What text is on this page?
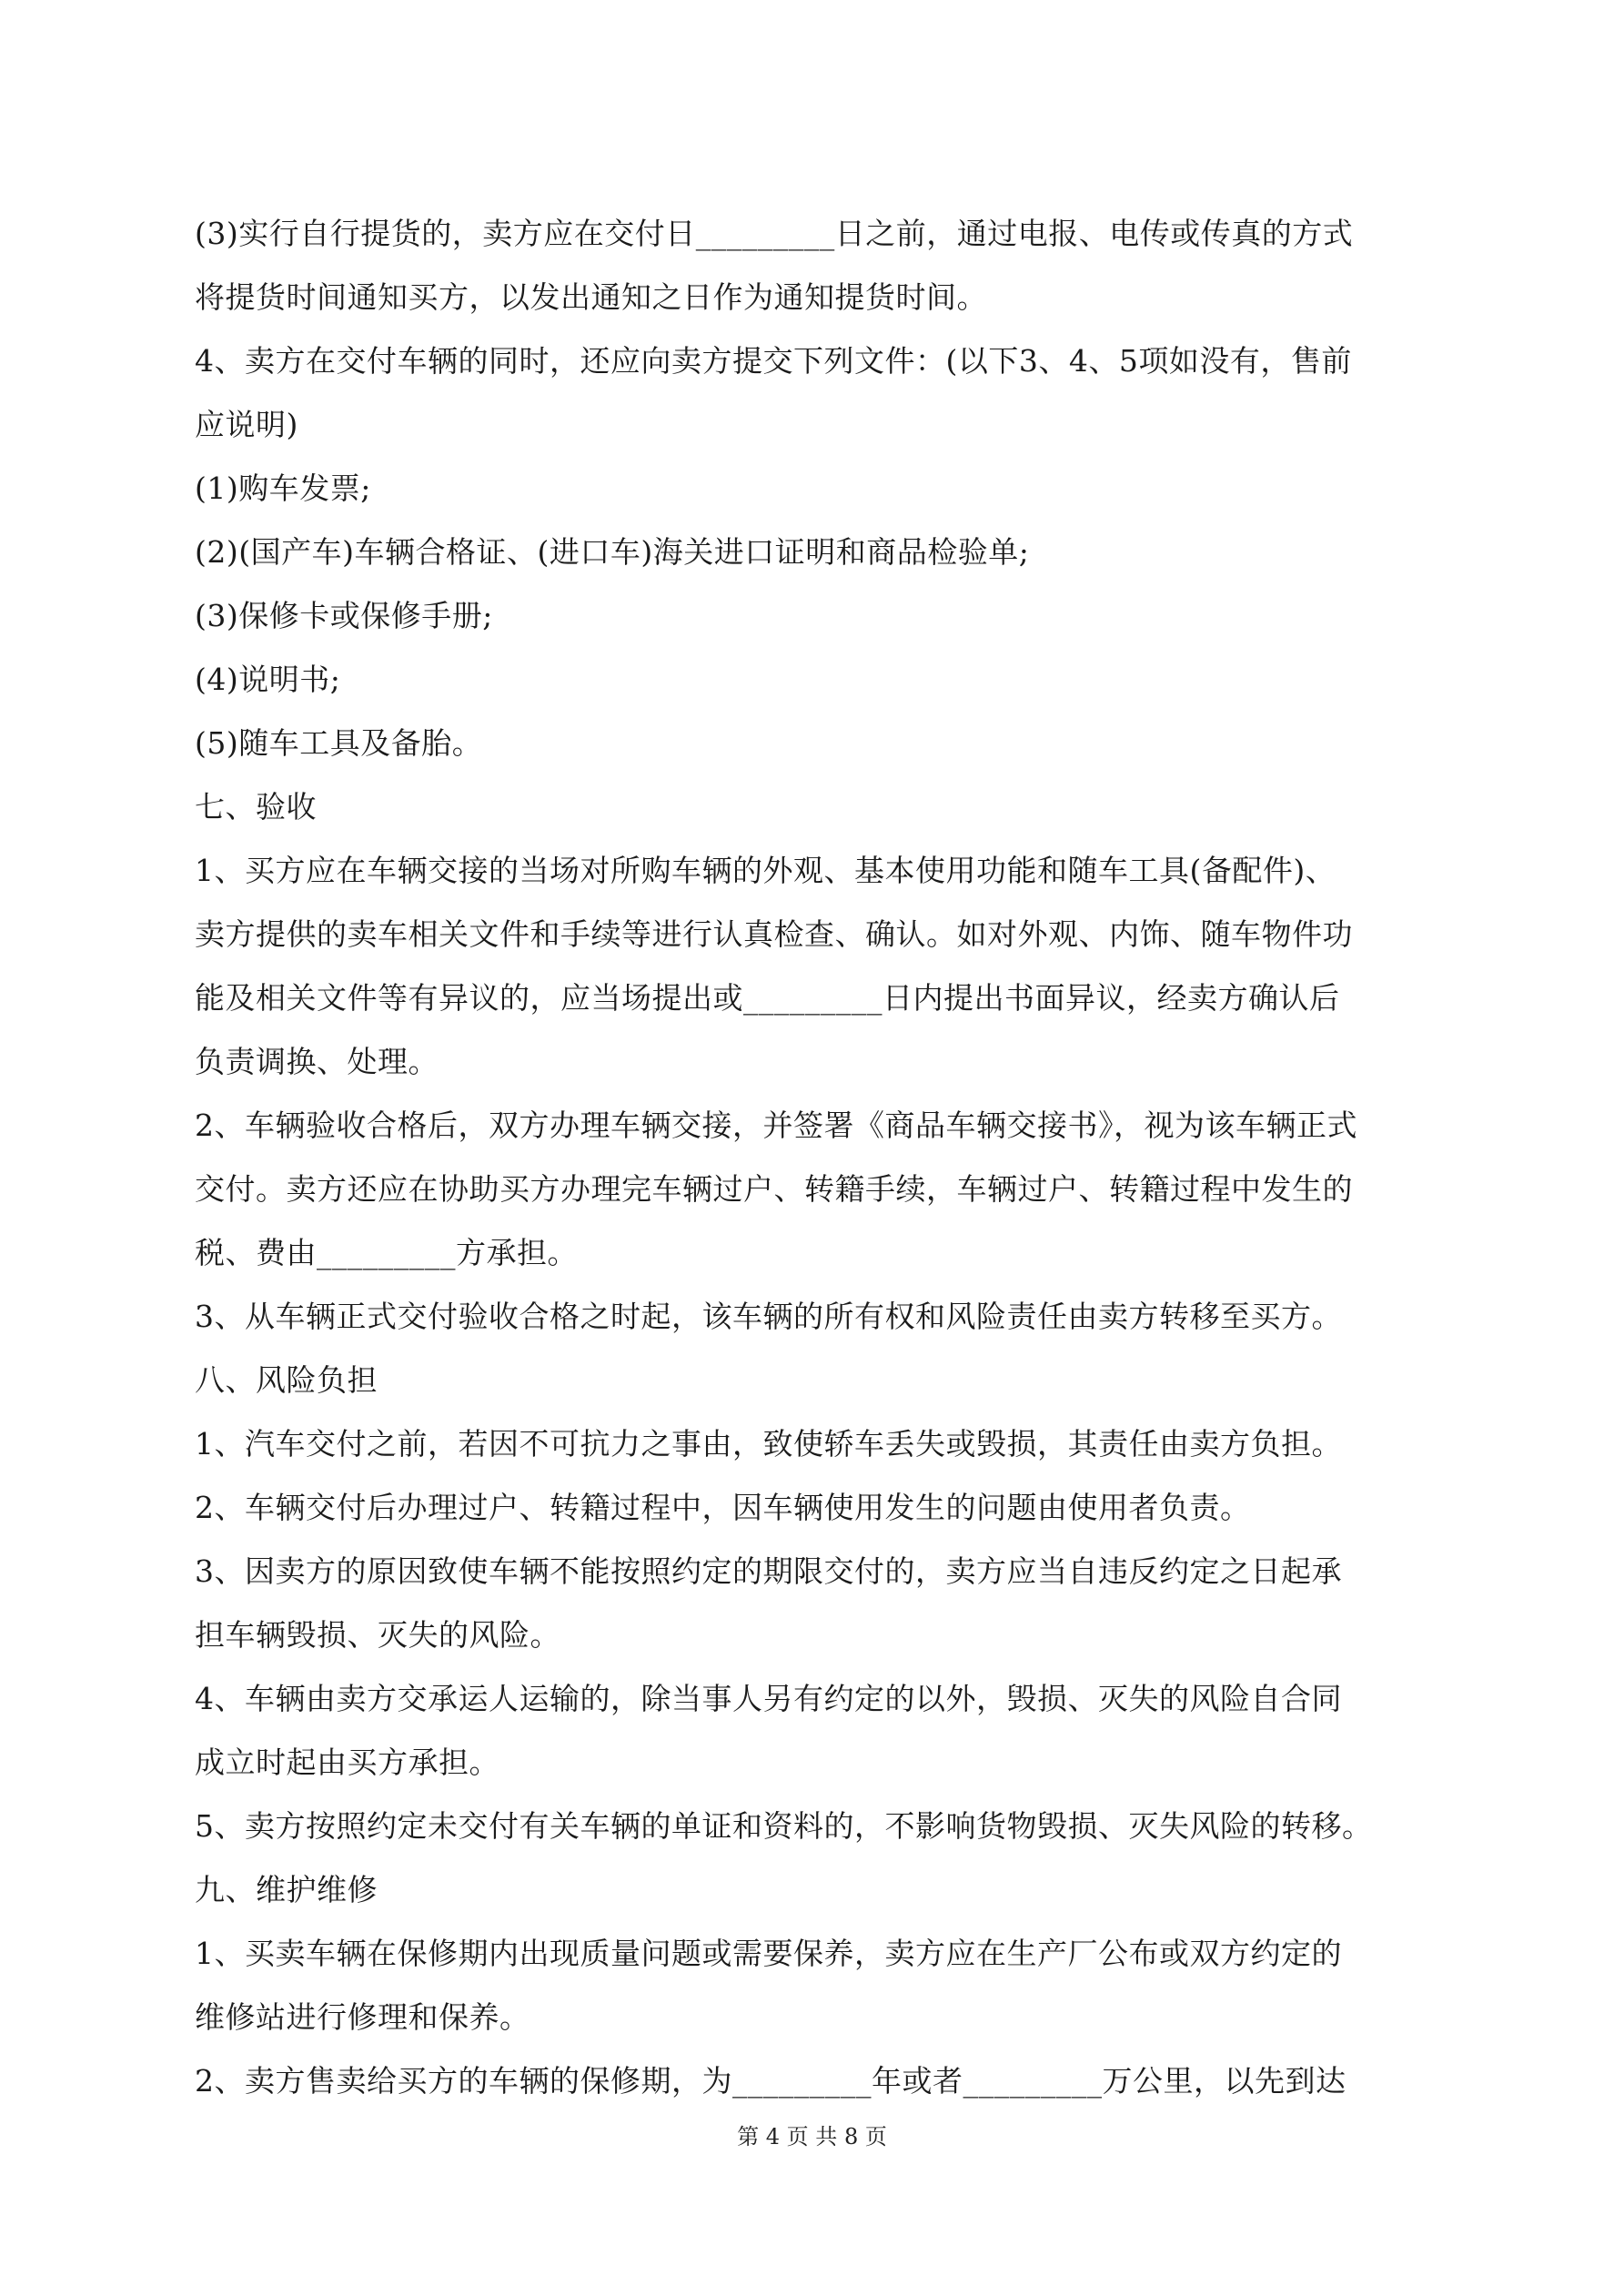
(3)实行自行提货的，卖方应在交付日_________日之前，通过电报、电传或传真的方式
将提货时间通知买方，以发出通知之日作为通知提货时间。
4、卖方在交付车辆的同时，还应向卖方提交下列文件：(以下3、4、5项如没有，售前
应说明)
(1)购车发票;
(2)(国产车)车辆合格证、(进口车)海关进口证明和商品检验单;
(3)保修卡或保修手册;
(4)说明书;
(5)随车工具及备胎。
七、验收
1、买方应在车辆交接的当场对所购车辆的外观、基本使用功能和随车工具(备配件)、
卖方提供的卖车相关文件和手续等进行认真检查、确认。如对外观、内饰、随车物件功
能及相关文件等有异议的，应当场提出或_________日内提出书面异议，经卖方确认后
负责调换、处理。
2、车辆验收合格后，双方办理车辆交接，并签署《商品车辆交接书》，视为该车辆正式
交付。卖方还应在协助买方办理完车辆过户、转籍手续，车辆过户、转籍过程中发生的
税、费由_________方承担。
3、从车辆正式交付验收合格之时起，该车辆的所有权和风险责任由卖方转移至买方。
八、风险负担
1、汽车交付之前，若因不可抗力之事由，致使轿车丢失或毁损，其责任由卖方负担。
2、车辆交付后办理过户、转籍过程中，因车辆使用发生的问题由使用者负责。
3、因卖方的原因致使车辆不能按照约定的期限交付的，卖方应当自违反约定之日起承
担车辆毁损、灭失的风险。
4、车辆由卖方交承运人运输的，除当事人另有约定的以外，毁损、灭失的风险自合同
成立时起由买方承担。
5、卖方按照约定未交付有关车辆的单证和资料的，不影响货物毁损、灭失风险的转移。
九、维护维修
1、买卖车辆在保修期内出现质量问题或需要保养，卖方应在生产厂公布或双方约定的
维修站进行修理和保养。
2、卖方售卖给买方的车辆的保修期，为_________年或者_________万公里，以先到达
第 4 页 共 8 页
